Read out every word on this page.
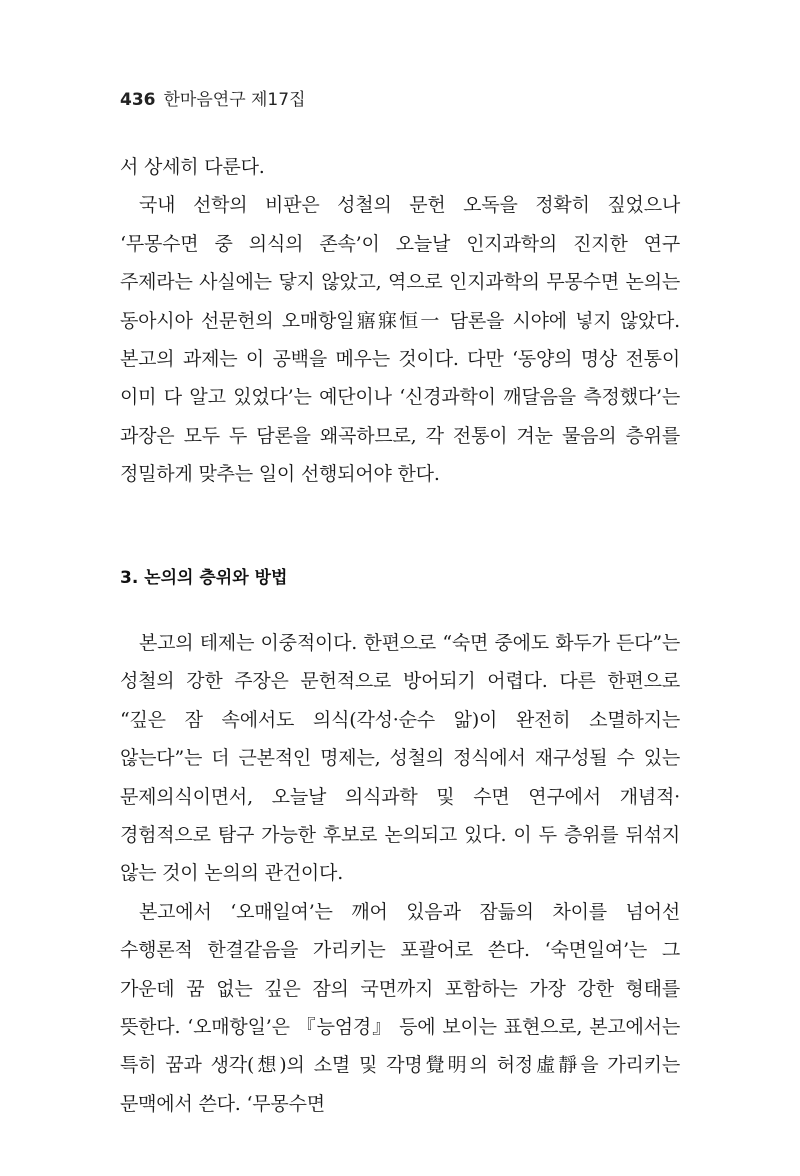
436 한마음연구 제17집

서 상세히 다룬다.

국내 선학의 비판은 성철의 문헌 오독을 정확히 짚었으나 ‘무몽수면 중 의식의 존속’이 오늘날 인지과학의 진지한 연구 주제라는 사실에는 닿지 않았고, 역으로 인지과학의 무몽수면 논의는 동아시아 선문헌의 오매항일寤寐恒一 담론을 시야에 넣지 않았다. 본고의 과제는 이 공백을 메우는 것이다. 다만 ‘동양의 명상 전통이 이미 다 알고 있었다’는 예단이나 ‘신경과학이 깨달음을 측정했다’는 과장은 모두 두 담론을 왜곡하므로, 각 전통이 겨눈 물음의 층위를 정밀하게 맞추는 일이 선행되어야 한다.

3. 논의의 층위와 방법

본고의 테제는 이중적이다. 한편으로 “숙면 중에도 화두가 든다”는 성철의 강한 주장은 문헌적으로 방어되기 어렵다. 다른 한편으로 “깊은 잠 속에서도 의식(각성·순수 앎)이 완전히 소멸하지는 않는다”는 더 근본적인 명제는, 성철의 정식에서 재구성될 수 있는 문제의식이면서, 오늘날 의식과학 및 수면 연구에서 개념적·경험적으로 탐구 가능한 후보로 논의되고 있다. 이 두 층위를 뒤섞지 않는 것이 논의의 관건이다.

본고에서 ‘오매일여’는 깨어 있음과 잠듦의 차이를 넘어선 수행론적 한결같음을 가리키는 포괄어로 쓴다. ‘숙면일여’는 그 가운데 꿈 없는 깊은 잠의 국면까지 포함하는 가장 강한 형태를 뜻한다. ‘오매항일’은 『능엄경』 등에 보이는 표현으로, 본고에서는 특히 꿈과 생각(想)의 소멸 및 각명覺明의 허정虛靜을 가리키는 문맥에서 쓴다. ‘무몽수면
